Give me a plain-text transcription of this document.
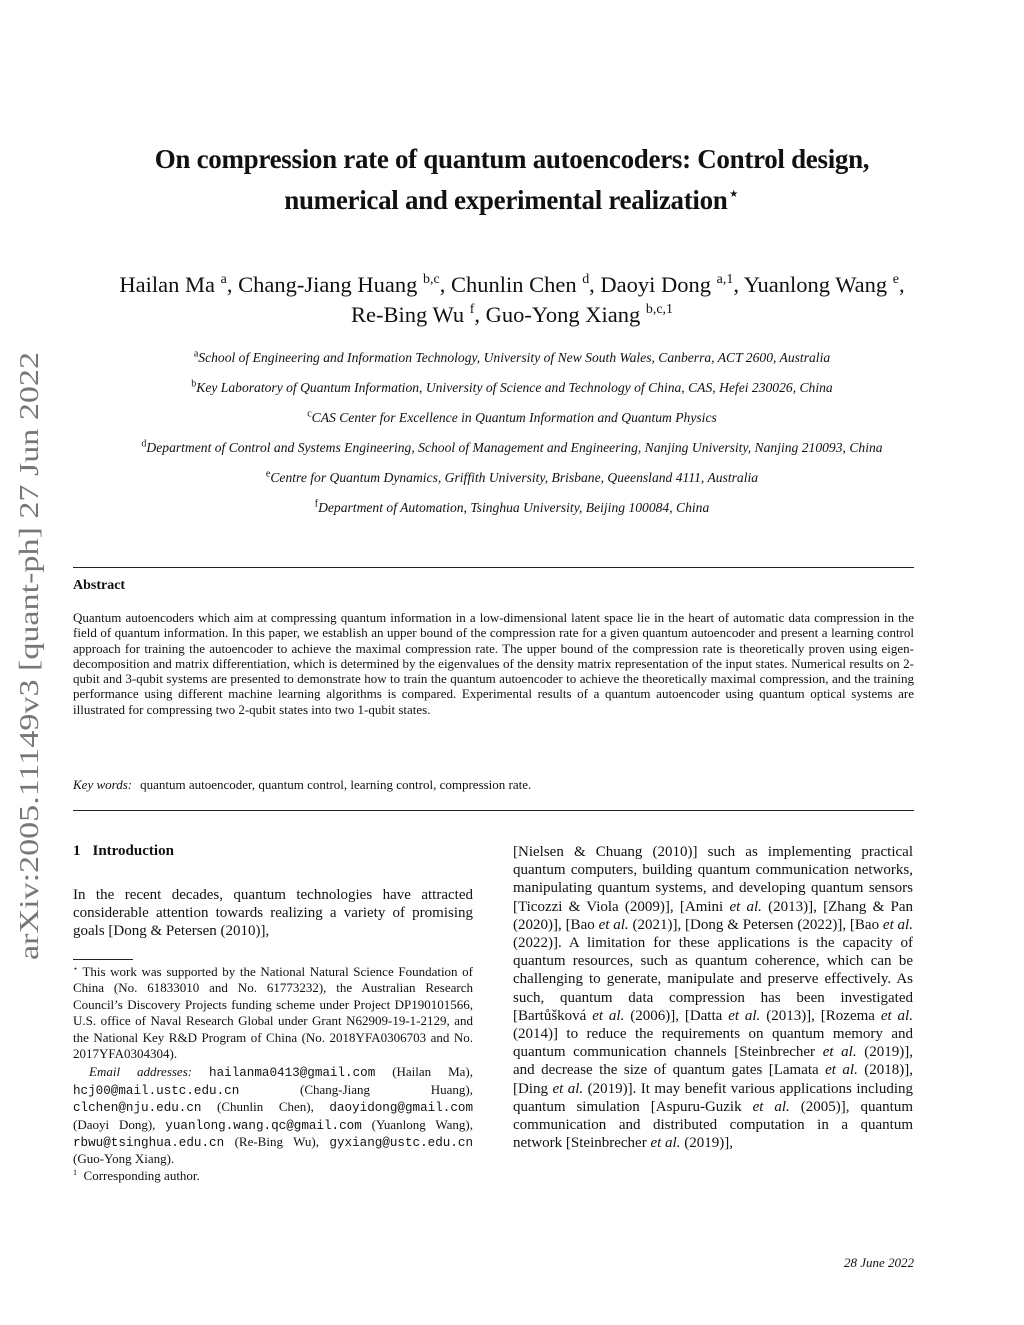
arXiv:2005.11149v3 [quant-ph] 27 Jun 2022
On compression rate of quantum autoencoders: Control design,
numerical and experimental realization⋆
Hailan Ma $^a$, Chang-Jiang Huang $^{b,c}$, Chunlin Chen $^d$, Daoyi Dong $^{a,1}$, Yuanlong Wang $^e$,
Re-Bing Wu $^f$, Guo-Yong Xiang $^{b,c,1}$
$^a$School of Engineering and Information Technology, University of New South Wales, Canberra, ACT 2600, Australia
$^b$Key Laboratory of Quantum Information, University of Science and Technology of China, CAS, Hefei 230026, China
$^c$CAS Center for Excellence in Quantum Information and Quantum Physics
$^d$Department of Control and Systems Engineering, School of Management and Engineering, Nanjing University, Nanjing 210093, China
$^e$Centre for Quantum Dynamics, Griffith University, Brisbane, Queensland 4111, Australia
$^f$Department of Automation, Tsinghua University, Beijing 100084, China
Abstract
Quantum autoencoders which aim at compressing quantum information in a low-dimensional latent space lie in the heart of automatic data compression in the field of quantum information. In this paper, we establish an upper bound of the compression rate for a given quantum autoencoder and present a learning control approach for training the autoencoder to achieve the maximal compression rate. The upper bound of the compression rate is theoretically proven using eigen-decomposition and matrix differentiation, which is determined by the eigenvalues of the density matrix representation of the input states. Numerical results on 2-qubit and 3-qubit systems are presented to demonstrate how to train the quantum autoencoder to achieve the theoretically maximal compression, and the training performance using different machine learning algorithms is compared. Experimental results of a quantum autoencoder using quantum optical systems are illustrated for compressing two 2-qubit states into two 1-qubit states.
Key words: quantum autoencoder, quantum control, learning control, compression rate.
1 Introduction
In the recent decades, quantum technologies have attracted considerable attention towards realizing a variety of promising goals [Dong & Petersen (2010)],
[Nielsen & Chuang (2010)] such as implementing practical quantum computers, building quantum communication networks, manipulating quantum systems, and developing quantum sensors [Ticozzi & Viola (2009)], [Amini et al. (2013)], [Zhang & Pan (2020)], [Bao et al. (2021)], [Dong & Petersen (2022)], [Bao et al. (2022)]. A limitation for these applications is the capacity of quantum resources, such as quantum coherence, which can be challenging to generate, manipulate and preserve effectively. As such, quantum data compression has been investigated [Bartůšková et al. (2006)], [Datta et al. (2013)], [Rozema et al. (2014)] to reduce the requirements on quantum memory and quantum communication channels [Steinbrecher et al. (2019)], and decrease the size of quantum gates [Lamata et al. (2018)], [Ding et al. (2019)]. It may benefit various applications including quantum simulation [Aspuru-Guzik et al. (2005)], quantum communication and distributed computation in a quantum network [Steinbrecher et al. (2019)],

⋆ This work was supported by the National Natural Science Foundation of China (No. 61833010 and No. 61773232), the Australian Research Council’s Discovery Projects funding scheme under Project DP190101566, U.S. office of Naval Research Global under Grant N62909-19-1-2129, and the National Key R&D Program of China (No. 2018YFA0306703 and No. 2017YFA0304304).

Email addresses: hailanma0413@gmail.com (Hailan Ma), hcj00@mail.ustc.edu.cn (Chang-Jiang Huang), clchen@nju.edu.cn (Chunlin Chen), daoyidong@gmail.com (Daoyi Dong), yuanlong.wang.qc@gmail.com (Yuanlong Wang), rbwu@tsinghua.edu.cn (Re-Bing Wu), gyxiang@ustc.edu.cn (Guo-Yong Xiang).

$^1$ Corresponding author.

28 June 2022
